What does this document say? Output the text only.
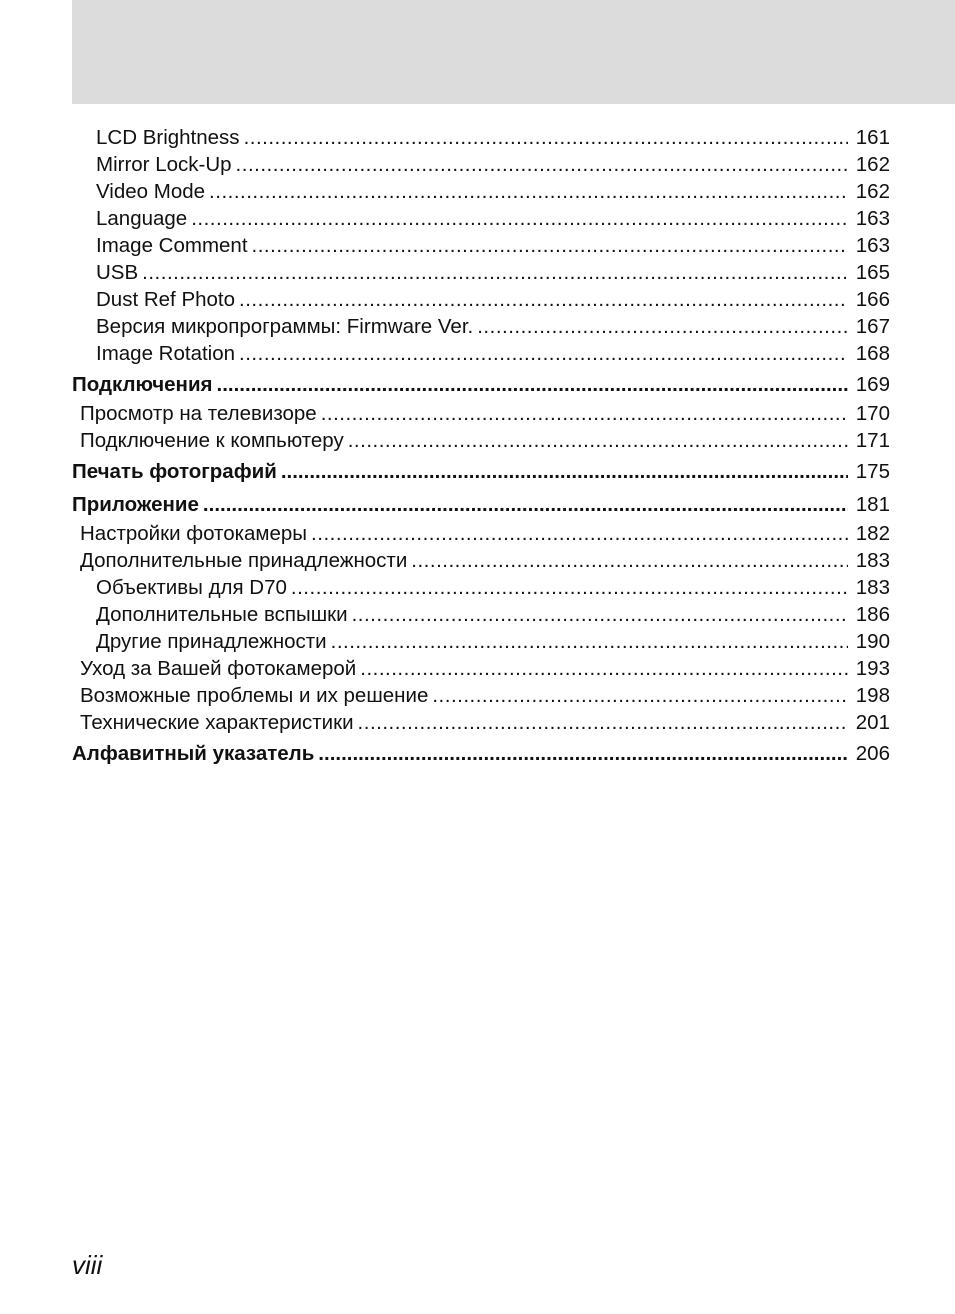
LCD Brightness .....	161
Mirror Lock-Up .....	162
Video Mode .....	162
Language .....	163
Image Comment .....	163
USB .....	165
Dust Ref Photo .....	166
Версия микропрограммы: Firmware Ver. .....	167
Image Rotation .....	168
Подключения .....	169
Просмотр на телевизоре .....	170
Подключение к компьютеру .....	171
Печать фотографий .....	175
Приложение .....	181
Настройки фотокамеры .....	182
Дополнительные принадлежности .....	183
Объективы для D70 .....	183
Дополнительные вспышки .....	186
Другие принадлежности .....	190
Уход за Вашей фотокамерой .....	193
Возможные проблемы и их решение .....	198
Технические характеристики .....	201
Алфавитный указатель .....	206
viii
